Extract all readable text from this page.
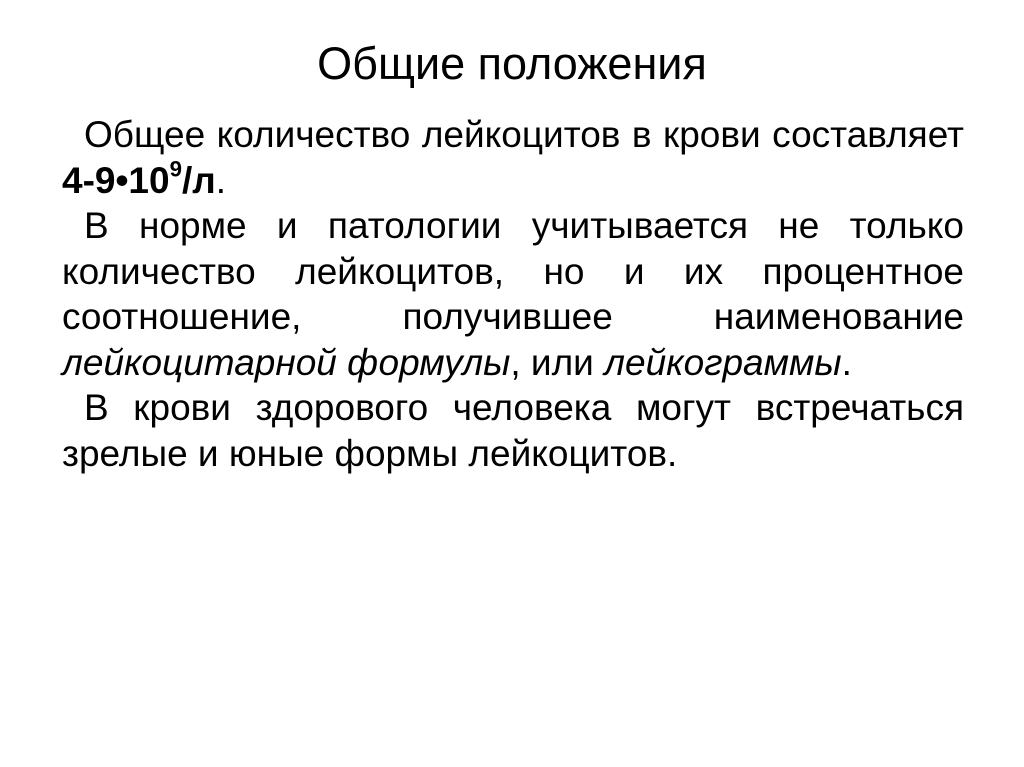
Общие положения

Общее количество лейкоцитов в крови составляет $4-9•10^9/л$.

В норме и патологии учитывается не только количество лейкоцитов, но и их процентное соотношение, получившее наименование лейкоцитарной формулы, или лейкограммы.

В крови здорового человека могут встречаться зрелые и юные формы лейкоцитов.
